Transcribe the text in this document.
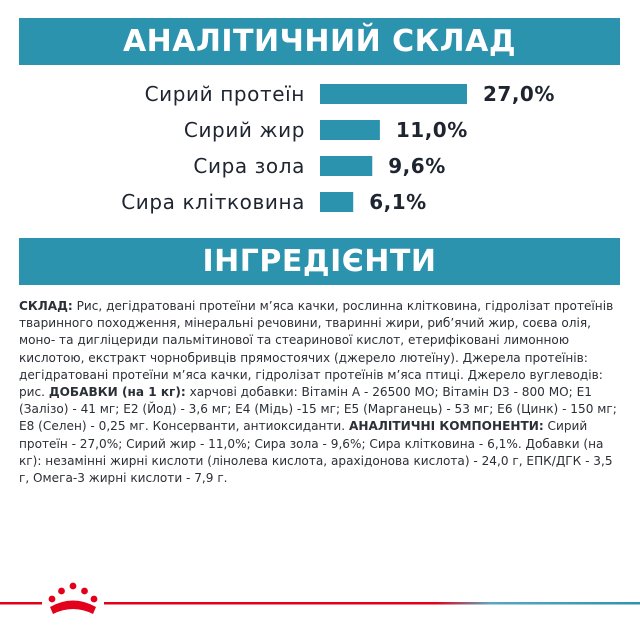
АНАЛІТИЧНИЙ СКЛАД
Сирий протеїн	27,0%
Сирий жир	11,0%
Сира зола	9,6%
Сира клітковина	6,1%
ІНГРЕДІЄНТИ
СКЛАД: Рис, дегідратовані протеїни м’яса качки, рослинна клітковина, гідролізат протеїнів тваринного походження, мінеральні речовини, тваринні жири, риб’ячий жир, соєва олія, моно- та дигліцериди пальмітинової та стеаринової кислот, етерифіковані лимонною кислотою, екстракт чорнобривців прямостоячих (джерело лютеїну). Джерела протеїнів: дегідратовані протеїни м’яса качки, гідролізат протеїнів м’яса птиці. Джерело вуглеводів: рис. ДОБАВКИ (на 1 кг): харчові добавки: Вітамін А - 26500 МО; Вітамін D3 - 800 МО; Е1 (Залізо) - 41 мг; Е2 (Йод) - 3,6 мг; Е4 (Мідь) -15 мг; Е5 (Марганець) - 53 мг; Е6 (Цинк) - 150 мг; Е8 (Селен) - 0,25 мг. Консерванти, антиоксиданти. АНАЛІТИЧНІ КОМПОНЕНТИ: Сирий протеїн - 27,0%; Сирий жир - 11,0%; Сира зола - 9,6%; Сира клітковина - 6,1%. Добавки (на кг): незамінні жирні кислоти (лінолева кислота, арахідонова кислота) - 24,0 г, ЕПК/ДГК - 3,5 г, Омега-3 жирні кислоти - 7,9 г.
